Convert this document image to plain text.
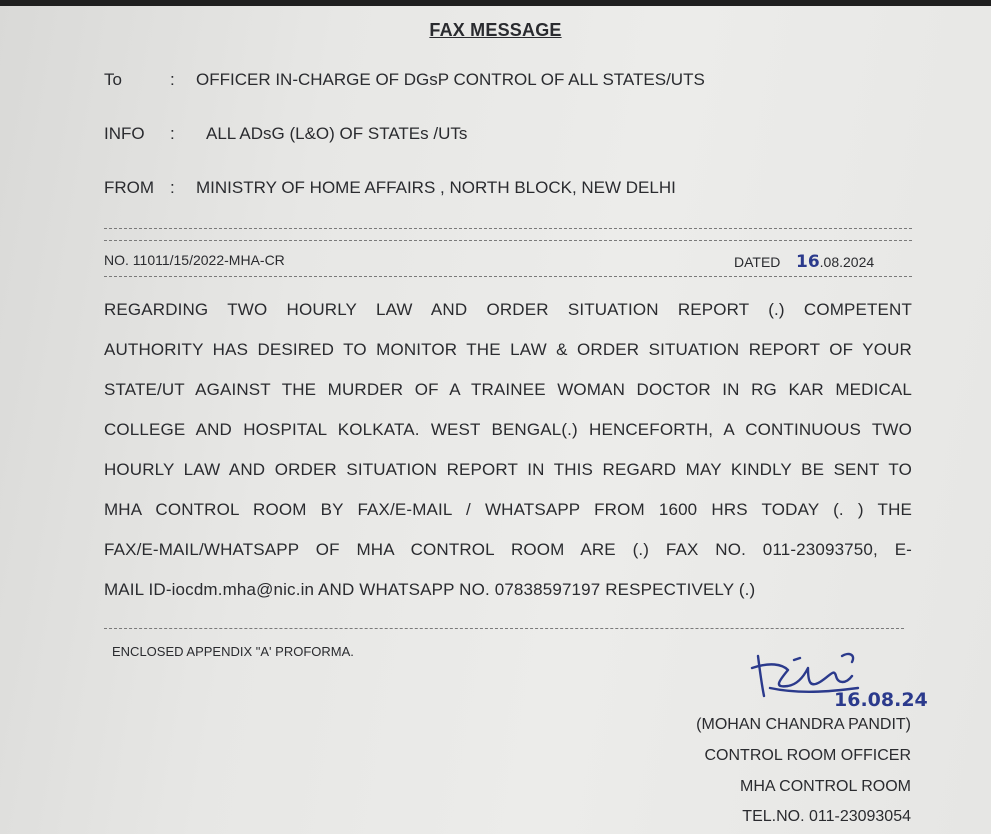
FAX MESSAGE
To	: OFFICER IN-CHARGE OF DGsP CONTROL OF ALL STATES/UTS
INFO : ALL ADsG (L&O) OF STATEs /UTs
FROM : MINISTRY OF HOME AFFAIRS , NORTH BLOCK, NEW DELHI
NO. 11011/15/2022-MHA-CR	DATED 16.08.2024
REGARDING TWO HOURLY LAW AND ORDER SITUATION REPORT (.) COMPETENT
AUTHORITY HAS DESIRED TO MONITOR THE LAW & ORDER SITUATION REPORT OF YOUR
STATE/UT AGAINST THE MURDER OF A TRAINEE WOMAN DOCTOR IN RG KAR MEDICAL
COLLEGE AND HOSPITAL KOLKATA. WEST BENGAL(.) HENCEFORTH, A CONTINUOUS TWO
HOURLY LAW AND ORDER SITUATION REPORT IN THIS REGARD MAY KINDLY BE SENT TO
MHA CONTROL ROOM BY FAX/E-MAIL / WHATSAPP FROM 1600 HRS TODAY (. ) THE
FAX/E-MAIL/WHATSAPP OF MHA CONTROL ROOM ARE (.) FAX NO. 011-23093750, E-
MAIL ID-iocdm.mha@nic.in AND WHATSAPP NO. 07838597197 RESPECTIVELY (.)
ENCLOSED APPENDIX "A' PROFORMA.
16.08.24
(MOHAN CHANDRA PANDIT)
CONTROL ROOM OFFICER
MHA CONTROL ROOM
TEL.NO. 011-23093054
